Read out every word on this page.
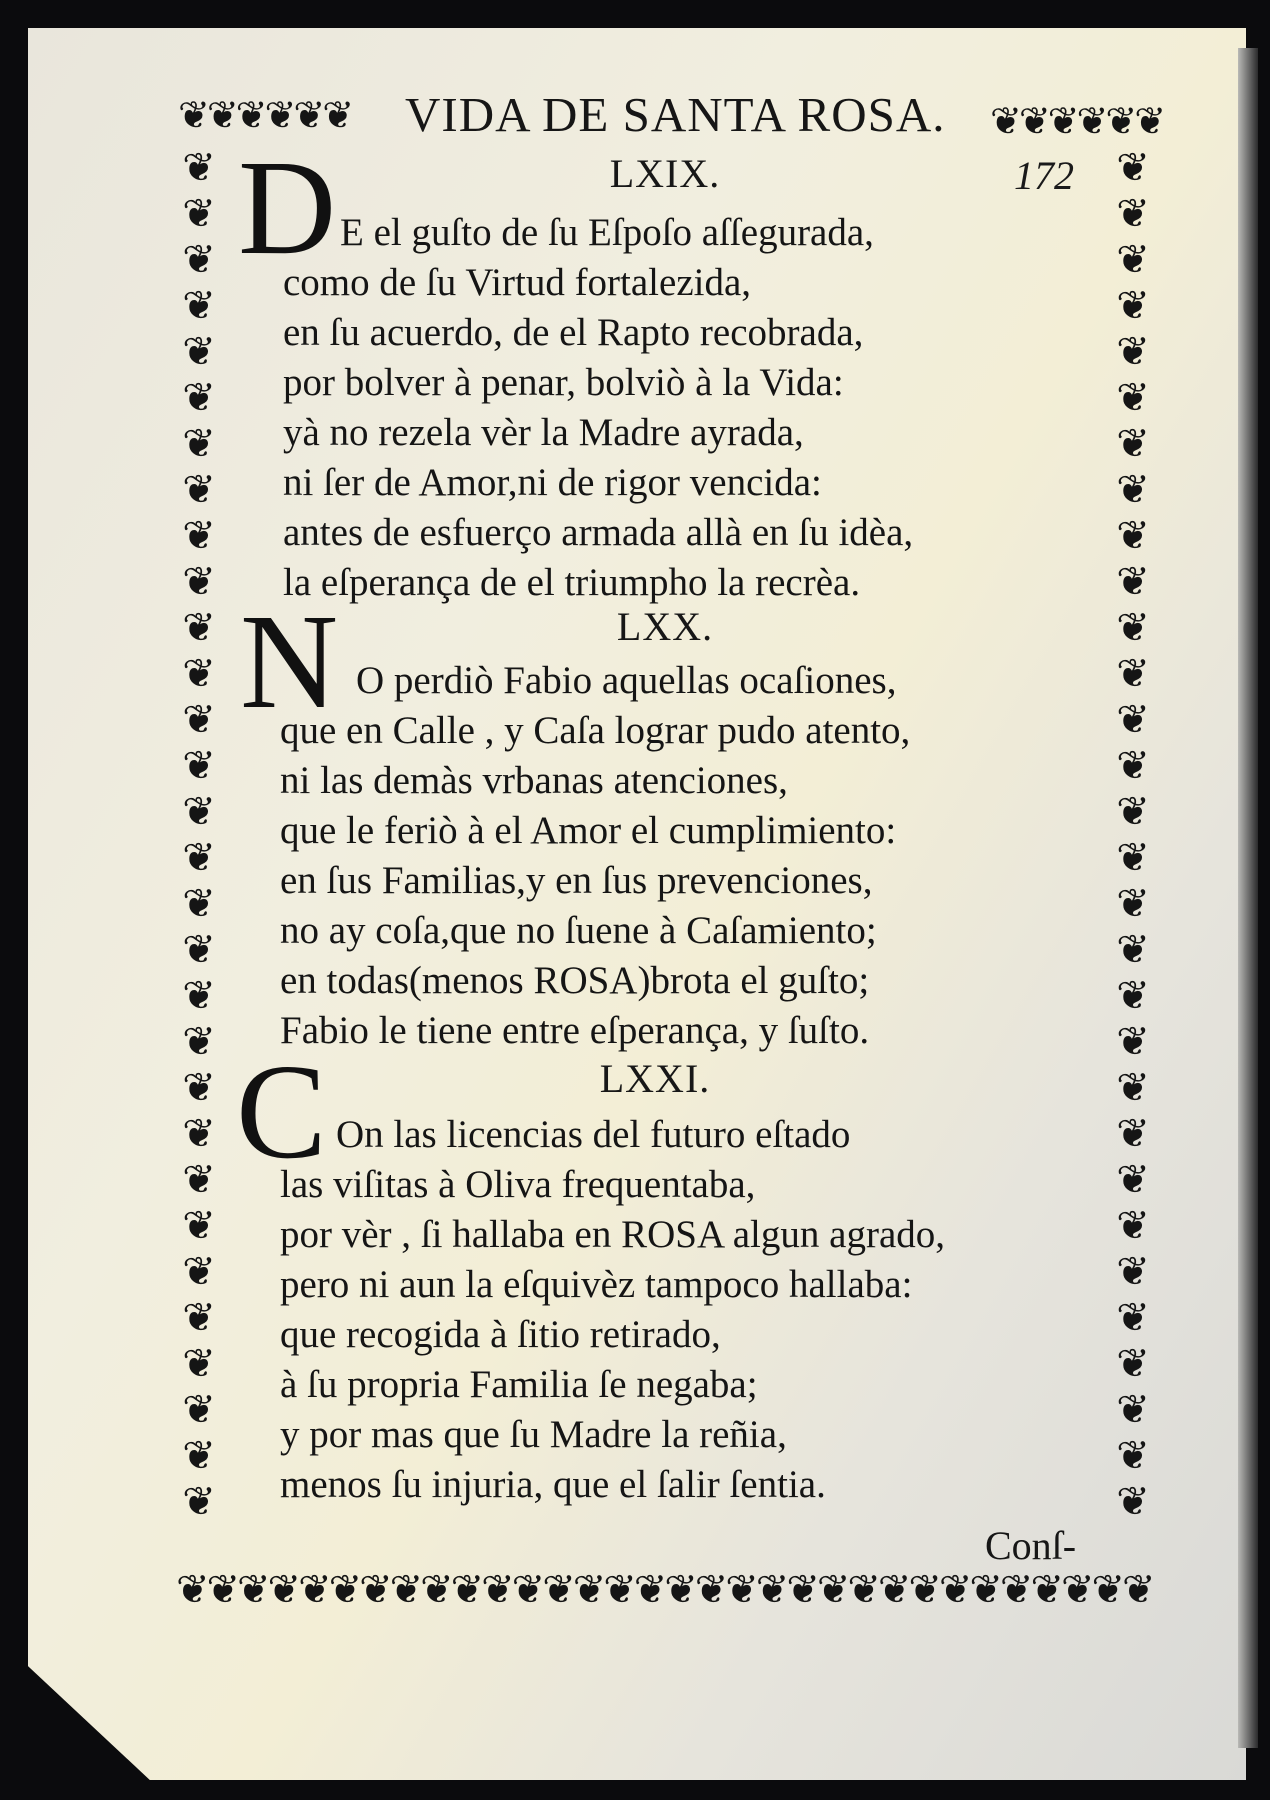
❦❦❦❦❦❦	❦❦❦❦❦❦
❦❦❦❦❦❦❦❦❦❦❦❦❦❦❦❦❦❦❦❦❦❦❦❦❦❦❦❦❦❦
❦❦❦❦❦❦❦❦❦❦❦❦❦❦❦❦❦❦❦❦❦❦❦❦❦❦❦❦❦❦
❦❦❦❦❦❦❦❦❦❦❦❦❦❦❦❦❦❦❦❦❦❦❦❦❦❦❦❦❦❦❦❦
VIDA DE SANTA ROSA.
172
LXIX.
D E el guſto de ſu Eſpoſo aſſegurada,
como de ſu Virtud fortalezida,
en ſu acuerdo, de el Rapto recobrada,
por bolver à penar, bolviò à la Vida:
yà no rezela vèr la Madre ayrada,
ni ſer de Amor,ni de rigor vencida:
antes de esfuerço armada allà en ſu idèa,
la eſperança de el triumpho la recrèa.
LXX.
N O perdiò Fabio aquellas ocaſiones,
que en Calle , y Caſa lograr pudo atento,
ni las demàs vrbanas atenciones,
que le feriò à el Amor el cumplimiento:
en ſus Familias,y en ſus prevenciones,
no ay coſa,que no ſuene à Caſamiento;
en todas(menos ROSA)brota el guſto;
Fabio le tiene entre eſperança, y ſuſto.
LXXI.
C On las licencias del futuro eſtado
las viſitas à Oliva frequentaba,
por vèr , ſi hallaba en ROSA algun agrado,
pero ni aun la eſquivèz tampoco hallaba:
que recogida à ſitio retirado,
à ſu propria Familia ſe negaba;
y por mas que ſu Madre la reñia,
menos ſu injuria, que el ſalir ſentia.
Conſ-
